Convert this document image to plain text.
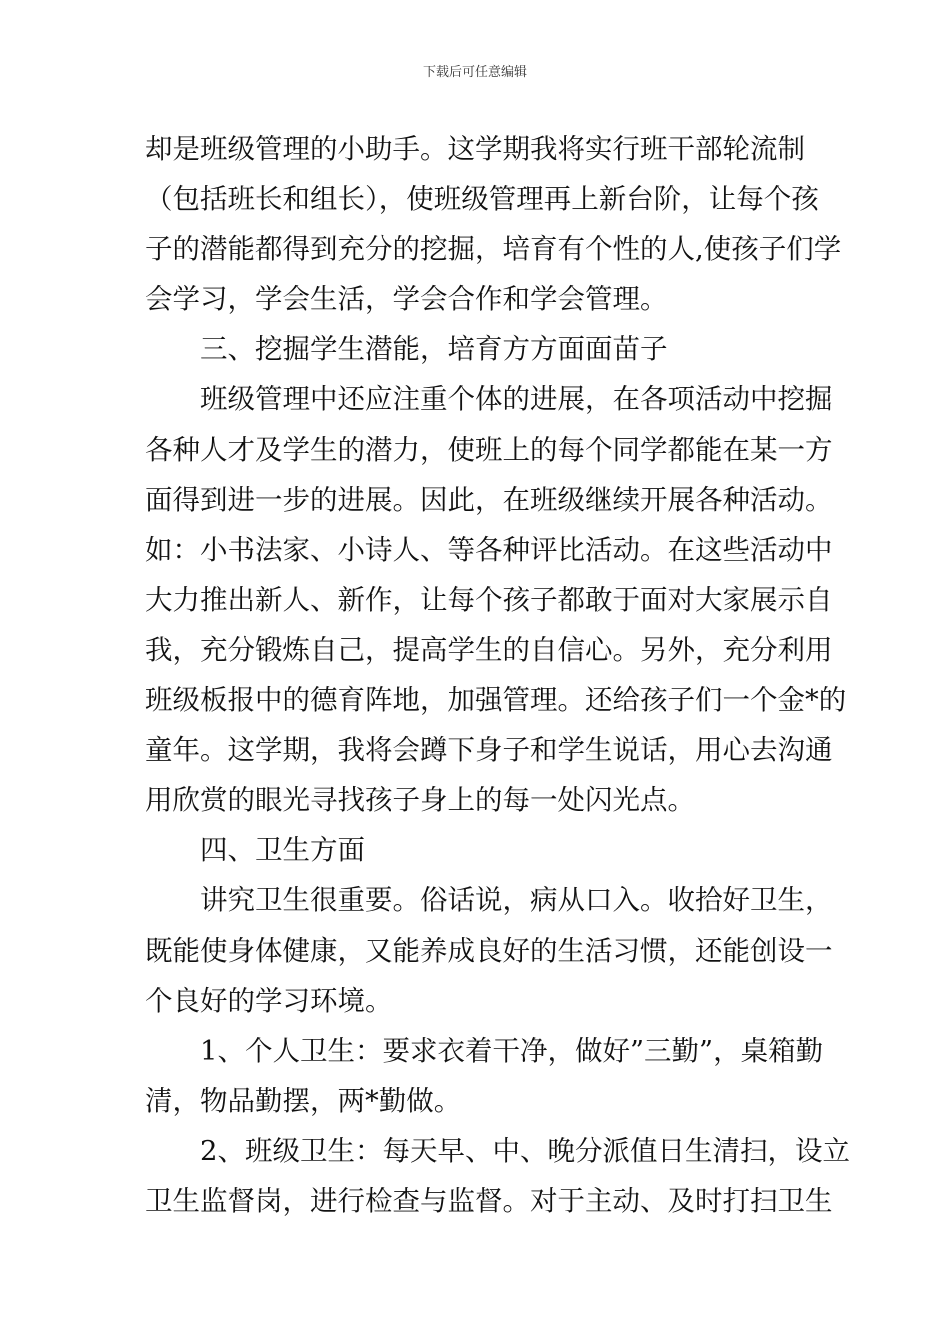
下载后可任意编辑
却是班级管理的小助手。这学期我将实行班干部轮流制
（包括班长和组长），使班级管理再上新台阶，让每个孩
子的潜能都得到充分的挖掘，培育有个性的人,使孩子们学
会学习，学会生活，学会合作和学会管理。
　　三、挖掘学生潜能，培育方方面面苗子
　　班级管理中还应注重个体的进展，在各项活动中挖掘
各种人才及学生的潜力，使班上的每个同学都能在某一方
面得到进一步的进展。因此，在班级继续开展各种活动。
如：小书法家、小诗人、等各种评比活动。在这些活动中
大力推出新人、新作，让每个孩子都敢于面对大家展示自
我，充分锻炼自己，提高学生的自信心。另外，充分利用
班级板报中的德育阵地，加强管理。还给孩子们一个金*的
童年。这学期，我将会蹲下身子和学生说话，用心去沟通
用欣赏的眼光寻找孩子身上的每一处闪光点。
　　四、卫生方面
　　讲究卫生很重要。俗话说，病从口入。收拾好卫生，
既能使身体健康，又能养成良好的生活习惯，还能创设一
个良好的学习环境。
　　1、个人卫生：要求衣着干净，做好”三勤”，桌箱勤
清，物品勤摆，两*勤做。
　　2、班级卫生：每天早、中、晚分派值日生清扫，设立
卫生监督岗，进行检查与监督。对于主动、及时打扫卫生
